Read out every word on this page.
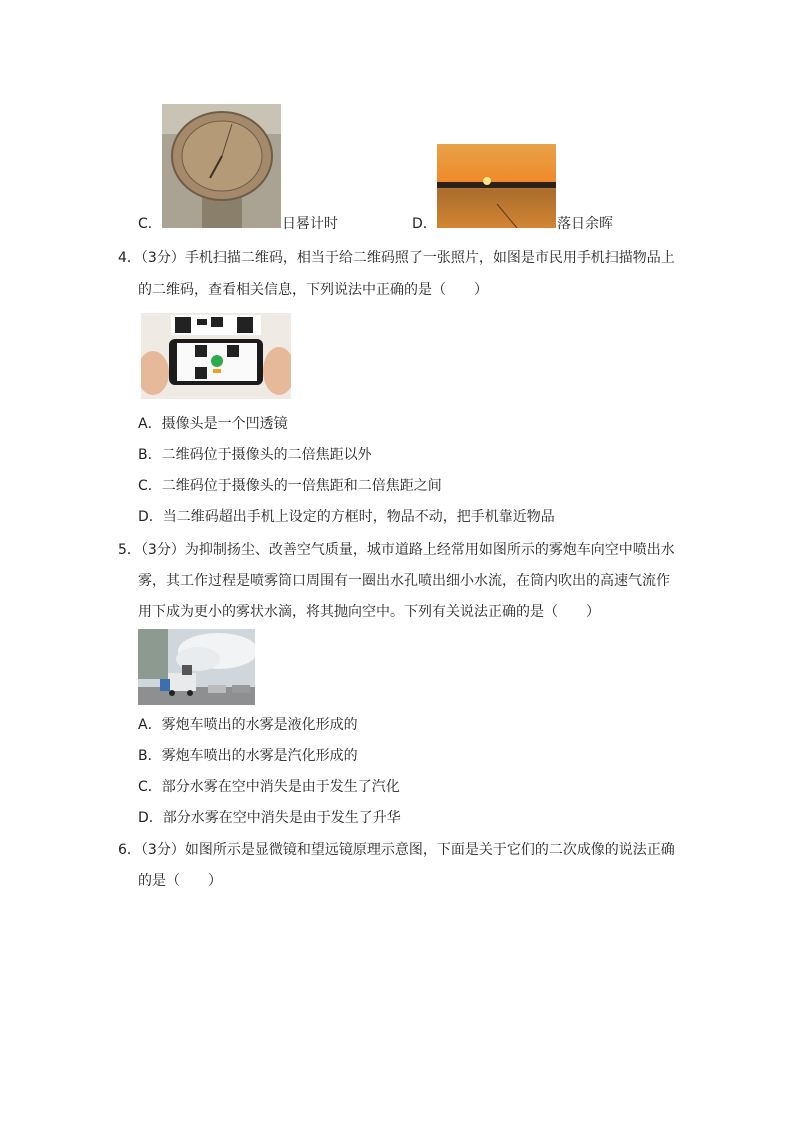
C．	日晷计时	D．	落日余晖
4．（3分）手机扫描二维码，相当于给二维码照了一张照片，如图是市民用手机扫描物品上
的二维码，查看相关信息，下列说法中正确的是（　　）
A．摄像头是一个凹透镜
B．二维码位于摄像头的二倍焦距以外
C．二维码位于摄像头的一倍焦距和二倍焦距之间
D．当二维码超出手机上设定的方框时，物品不动，把手机靠近物品
5．（3分）为抑制扬尘、改善空气质量，城市道路上经常用如图所示的雾炮车向空中喷出水
雾，其工作过程是喷雾筒口周围有一圈出水孔喷出细小水流，在筒内吹出的高速气流作
用下成为更小的雾状水滴，将其抛向空中。下列有关说法正确的是（　　）
A．雾炮车喷出的水雾是液化形成的
B．雾炮车喷出的水雾是汽化形成的
C．部分水雾在空中消失是由于发生了汽化
D．部分水雾在空中消失是由于发生了升华
6．（3分）如图所示是显微镜和望远镜原理示意图，下面是关于它们的二次成像的说法正确
的是（　　）
